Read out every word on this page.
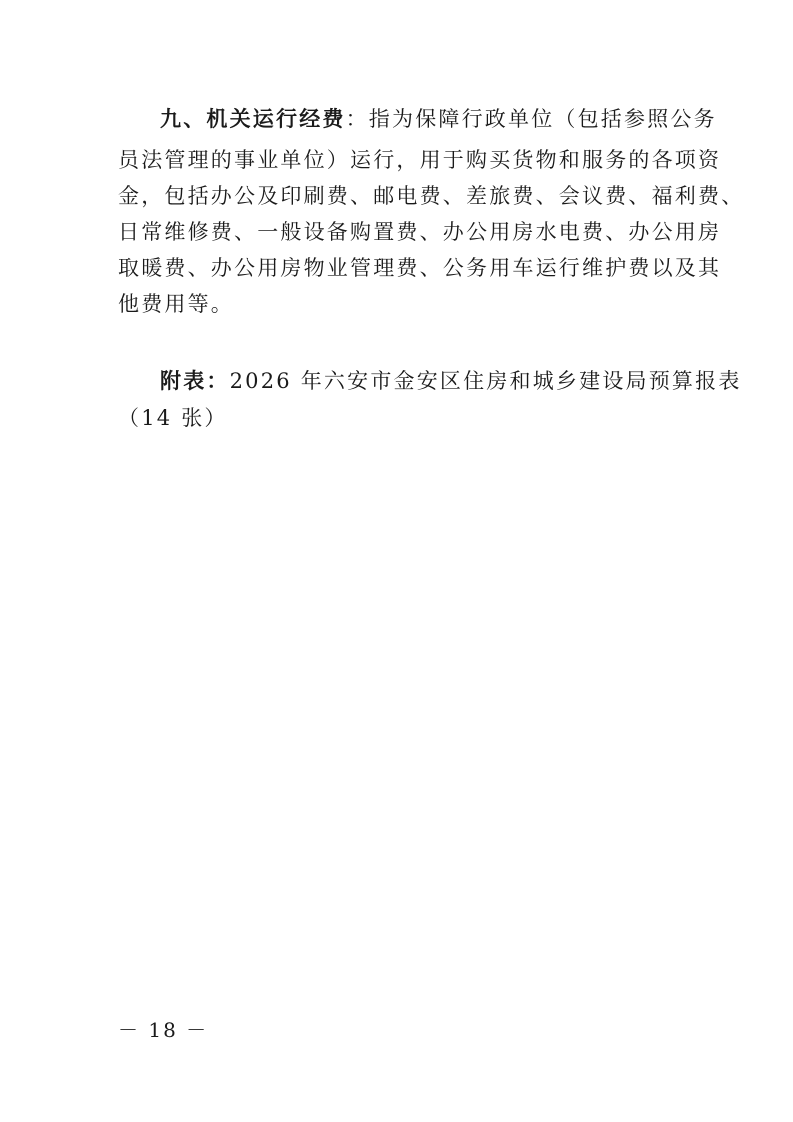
九、机关运行经费：指为保障行政单位（包括参照公务
员法管理的事业单位）运行，用于购买货物和服务的各项资
金，包括办公及印刷费、邮电费、差旅费、会议费、福利费、
日常维修费、一般设备购置费、办公用房水电费、办公用房
取暖费、办公用房物业管理费、公务用车运行维护费以及其
他费用等。
附表：2026 年六安市金安区住房和城乡建设局预算报表
（14 张）
－ 18 －
